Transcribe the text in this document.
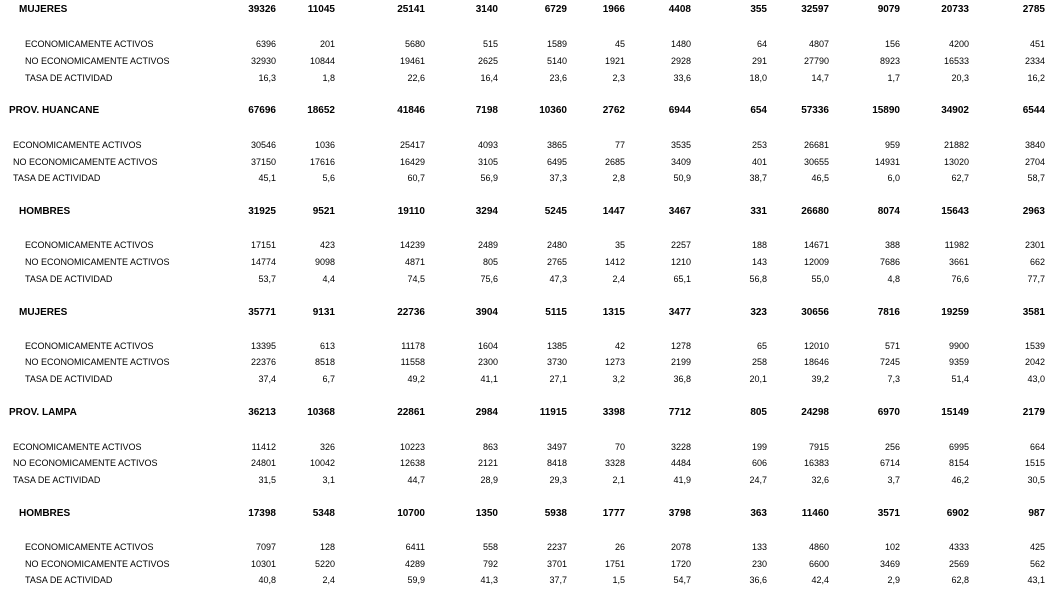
MUJERES	39326	11045	25141	3140	6729	1966	4408	355	32597	9079	20733	2785
ECONOMICAMENTE ACTIVOS	6396	201	5680	515	1589	45	1480	64	4807	156	4200	451
NO ECONOMICAMENTE ACTIVOS	32930	10844	19461	2625	5140	1921	2928	291	27790	8923	16533	2334
TASA DE ACTIVIDAD	16,3	1,8	22,6	16,4	23,6	2,3	33,6	18,0	14,7	1,7	20,3	16,2
PROV. HUANCANE	67696	18652	41846	7198	10360	2762	6944	654	57336	15890	34902	6544
ECONOMICAMENTE ACTIVOS	30546	1036	25417	4093	3865	77	3535	253	26681	959	21882	3840
NO ECONOMICAMENTE ACTIVOS	37150	17616	16429	3105	6495	2685	3409	401	30655	14931	13020	2704
TASA DE ACTIVIDAD	45,1	5,6	60,7	56,9	37,3	2,8	50,9	38,7	46,5	6,0	62,7	58,7
HOMBRES	31925	9521	19110	3294	5245	1447	3467	331	26680	8074	15643	2963
ECONOMICAMENTE ACTIVOS	17151	423	14239	2489	2480	35	2257	188	14671	388	11982	2301
NO ECONOMICAMENTE ACTIVOS	14774	9098	4871	805	2765	1412	1210	143	12009	7686	3661	662
TASA DE ACTIVIDAD	53,7	4,4	74,5	75,6	47,3	2,4	65,1	56,8	55,0	4,8	76,6	77,7
MUJERES	35771	9131	22736	3904	5115	1315	3477	323	30656	7816	19259	3581
ECONOMICAMENTE ACTIVOS	13395	613	11178	1604	1385	42	1278	65	12010	571	9900	1539
NO ECONOMICAMENTE ACTIVOS	22376	8518	11558	2300	3730	1273	2199	258	18646	7245	9359	2042
TASA DE ACTIVIDAD	37,4	6,7	49,2	41,1	27,1	3,2	36,8	20,1	39,2	7,3	51,4	43,0
PROV. LAMPA	36213	10368	22861	2984	11915	3398	7712	805	24298	6970	15149	2179
ECONOMICAMENTE ACTIVOS	11412	326	10223	863	3497	70	3228	199	7915	256	6995	664
NO ECONOMICAMENTE ACTIVOS	24801	10042	12638	2121	8418	3328	4484	606	16383	6714	8154	1515
TASA DE ACTIVIDAD	31,5	3,1	44,7	28,9	29,3	2,1	41,9	24,7	32,6	3,7	46,2	30,5
HOMBRES	17398	5348	10700	1350	5938	1777	3798	363	11460	3571	6902	987
ECONOMICAMENTE ACTIVOS	7097	128	6411	558	2237	26	2078	133	4860	102	4333	425
NO ECONOMICAMENTE ACTIVOS	10301	5220	4289	792	3701	1751	1720	230	6600	3469	2569	562
TASA DE ACTIVIDAD	40,8	2,4	59,9	41,3	37,7	1,5	54,7	36,6	42,4	2,9	62,8	43,1
